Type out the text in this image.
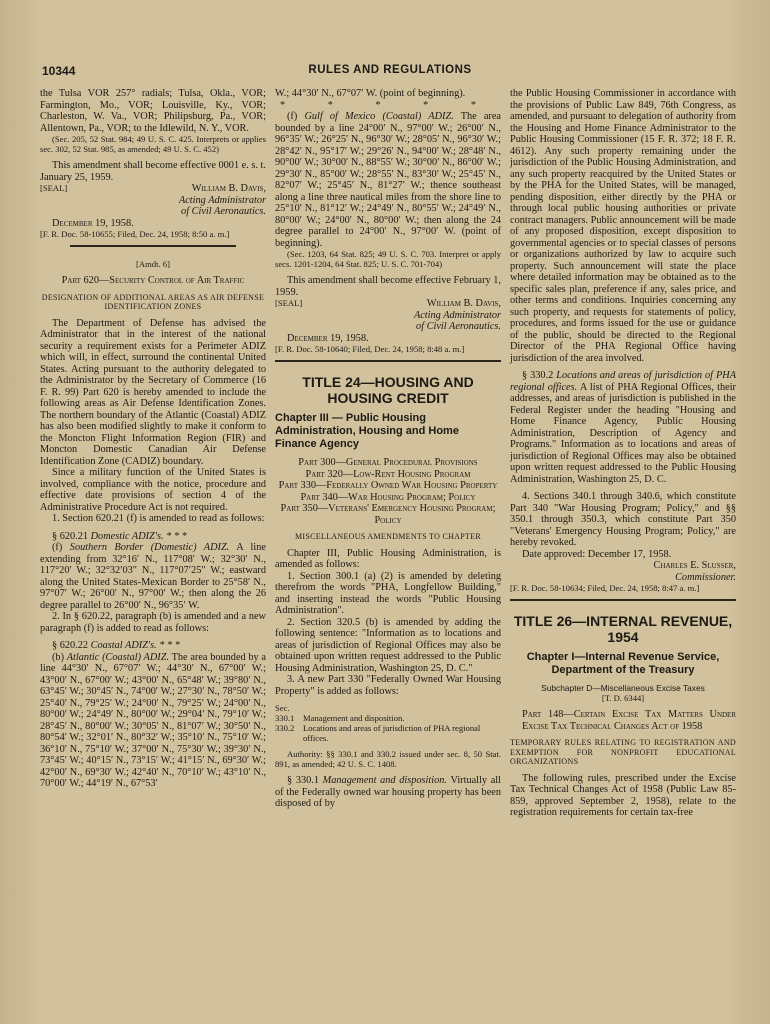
10344	RULES AND REGULATIONS

the Tulsa VOR 257° radials; Tulsa, Okla., VOR; Farmington, Mo., VOR; Louisville, Ky., VOR; Charleston, W. Va., VOR; Philipsburg, Pa., VOR; Allentown, Pa., VOR; to the Idlewild, N. Y., VOR.

(Sec. 205, 52 Stat. 984; 49 U. S. C. 425. Interprets or applies sec. 302, 52 Stat. 985, as amended; 49 U. S. C. 452)

This amendment shall become effective 0001 e. s. t. January 25, 1959.

[SEAL]	William B. Davis,
Acting Administrator
of Civil Aeronautics.

December 19, 1958.

[F. R. Doc. 58-10655; Filed, Dec. 24, 1958; 8:50 a. m.]

[Amdt. 6]

Part 620—Security Control of Air Traffic

DESIGNATION OF ADDITIONAL AREAS AS AIR DEFENSE IDENTIFICATION ZONES

The Department of Defense has advised the Administrator that in the interest of the national security a requirement exists for a Perimeter ADIZ which will, in effect, surround the continental United States. Acting pursuant to the authority delegated to the Administrator by the Secretary of Commerce (16 F. R. 99) Part 620 is hereby amended to include the following areas as Air Defense Identification Zones. The northern boundary of the Atlantic (Coastal) ADIZ has also been modified slightly to make it conform to the Moncton Flight Information Region (FIR) and Moncton Domestic Canadian Air Defense Identification Zone (CADIZ) boundary.

Since a military function of the United States is involved, compliance with the notice, procedure and effective date provisions of section 4 of the Administrative Procedure Act is not required.

1. Section 620.21 (f) is amended to read as follows:

§ 620.21 Domestic ADIZ's. * * *

(f) Southern Border (Domestic) ADIZ. A line extending from 32°16′ N., 117°08′ W.; 32°30′ N., 117°20′ W.; 32°32′03″ N., 117°07′25″ W.; eastward along the United States-Mexican Border to 25°58′ N., 97°07′ W.; 26°00′ N., 97°00′ W.; then along the 26 degree parallel to 26°00′ N., 96°35′ W.

2. In § 620.22, paragraph (b) is amended and a new paragraph (f) is added to read as follows:

§ 620.22 Coastal ADIZ's. * * *

(b) Atlantic (Coastal) ADIZ. The area bounded by a line 44°30′ N., 67°07′ W.; 44°30′ N., 67°00′ W.; 43°00′ N., 67°00′ W.; 43°00′ N., 65°48′ W.; 39°80′ N., 63°45′ W.; 30°45′ N., 74°00′ W.; 27°30′ N., 78°50′ W.; 25°40′ N., 79°25′ W.; 24°00′ N., 79°25′ W.; 24°00′ N., 80°00′ W.; 24°49′ N., 80°00′ W.; 29°04′ N., 79°10′ W.; 28°45′ N., 80°00′ W.; 30°05′ N., 81°07′ W.; 30°50′ N., 80°54′ W.; 32°01′ N., 80°32′ W.; 35°10′ N., 75°10′ W.; 36°10′ N., 75°10′ W.; 37°00′ N., 75°30′ W.; 39°30′ N., 73°45′ W.; 40°15′ N., 73°15′ W.; 41°15′ N., 69°30′ W.; 42°00′ N., 69°30′ W.; 42°40′ N., 70°10′ W.; 43°10′ N., 70°00′ W.; 44°19′ N., 67°53′

W.; 44°30′ N., 67°07′ W. (point of beginning).

* * * * *

(f) Gulf of Mexico (Coastal) ADIZ. The area bounded by a line 24°00′ N., 97°00′ W.; 26°00′ N., 96°35′ W.; 26°25′ N., 96°30′ W.; 28°05′ N., 96°30′ W.; 28°42′ N., 95°17′ W.; 29°26′ N., 94°00′ W.; 28°48′ N., 90°00′ W.; 30°00′ N., 88°55′ W.; 30°00′ N., 86°00′ W.; 29°30′ N., 85°00′ W.; 28°55′ N., 83°30′ W.; 25°45′ N., 82°07′ W.; 25°45′ N., 81°27′ W.; thence southeast along a line three nautical miles from the shore line to 25°10′ N., 81°12′ W.; 24°49′ N., 80°55′ W.; 24°49′ N., 80°00′ W.; 24°00′ N., 80°00′ W.; then along the 24 degree parallel to 24°00′ N., 97°00′ W. (point of beginning).

(Sec. 1203, 64 Stat. 825; 49 U. S. C. 703. Interpret or apply secs. 1201-1204, 64 Stat. 825; U. S. C. 701-704)

This amendment shall become effective February 1, 1959.

[SEAL]	William B. Davis,
Acting Administrator
of Civil Aeronautics.

December 19, 1958.

[F. R. Doc. 58-10640; Filed, Dec. 24, 1958; 8:48 a. m.]

TITLE 24—HOUSING AND HOUSING CREDIT
Chapter III — Public Housing Administration, Housing and Home Finance Agency

Part 300—General Procedural Provisions

Part 320—Low-Rent Housing Program

Part 330—Federally Owned War Housing Property

Part 340—War Housing Program; Policy

Part 350—Veterans' Emergency Housing Program; Policy

MISCELLANEOUS AMENDMENTS TO CHAPTER

Chapter III, Public Housing Administration, is amended as follows:

1. Section 300.1 (a) (2) is amended by deleting therefrom the words "PHA, Longfellow Building," and inserting instead the words "Public Housing Administration".

2. Section 320.5 (b) is amended by adding the following sentence: "Information as to locations and areas of jurisdiction of Regional Offices may also be obtained upon written request addressed to the Public Housing Administration, Washington 25, D. C."

3. A new Part 330 "Federally Owned War Housing Property" is added as follows:

Sec.
330.1	Management and disposition.
330.2	Locations and areas of jurisdiction of PHA regional offices.

Authority: §§ 330.1 and 330.2 issued under sec. 8, 50 Stat. 891, as amended; 42 U. S. C. 1408.

§ 330.1 Management and disposition. Virtually all of the Federally owned war housing property has been disposed of by

the Public Housing Commissioner in accordance with the provisions of Public Law 849, 76th Congress, as amended, and pursuant to delegation of authority from the Housing and Home Finance Administrator to the Public Housing Commissioner (15 F. R. 372; 18 F. R. 4612). Any such property remaining under the jurisdiction of the Public Housing Administration, and any such property reacquired by the United States or by the PHA for the United States, will be managed, pending disposition, either directly by the PHA or through local public housing authorities or private contract managers. Public announcement will be made of any proposed disposition, except disposition to governmental agencies or to special classes of persons or organizations authorized by law to acquire such property. Such announcement will state the place where detailed information may be obtained as to the specific sales plan, preference if any, sales price, and other terms and conditions. Inquiries concerning any such property, and requests for statements of policy, procedures, and forms issued for the use or guidance of the public, should be directed to the Regional Director of the PHA Regional Office having jurisdiction of the area involved.

§ 330.2 Locations and areas of jurisdiction of PHA regional offices. A list of PHA Regional Offices, their addresses, and areas of jurisdiction is published in the Federal Register under the heading "Housing and Home Finance Agency, Public Housing Administration, Description of Agency and Programs." Information as to locations and areas of jurisdiction of Regional Offices may also be obtained upon written request addressed to the Public Housing Administration, Washington 25, D. C.

4. Sections 340.1 through 340.6, which constitute Part 340 "War Housing Program; Policy," and §§ 350.1 through 350.3, which constitute Part 350 "Veterans' Emergency Housing Program; Policy," are hereby revoked.

Date approved: December 17, 1958.

Charles E. Slusser,
Commissioner.

[F. R. Doc. 58-10634; Filed, Dec. 24, 1958; 8:47 a. m.]

TITLE 26—INTERNAL REVENUE, 1954
Chapter I—Internal Revenue Service, Department of the Treasury
Subchapter D—Miscellaneous Excise Taxes

[T. D. 6344]

Part 148—Certain Excise Tax Matters Under Excise Tax Technical Changes Act of 1958

TEMPORARY RULES RELATING TO REGISTRATION AND EXEMPTION FOR NONPROFIT EDUCATIONAL ORGANIZATIONS

The following rules, prescribed under the Excise Tax Technical Changes Act of 1958 (Public Law 85-859, approved September 2, 1958), relate to the registration requirements for certain tax-free
